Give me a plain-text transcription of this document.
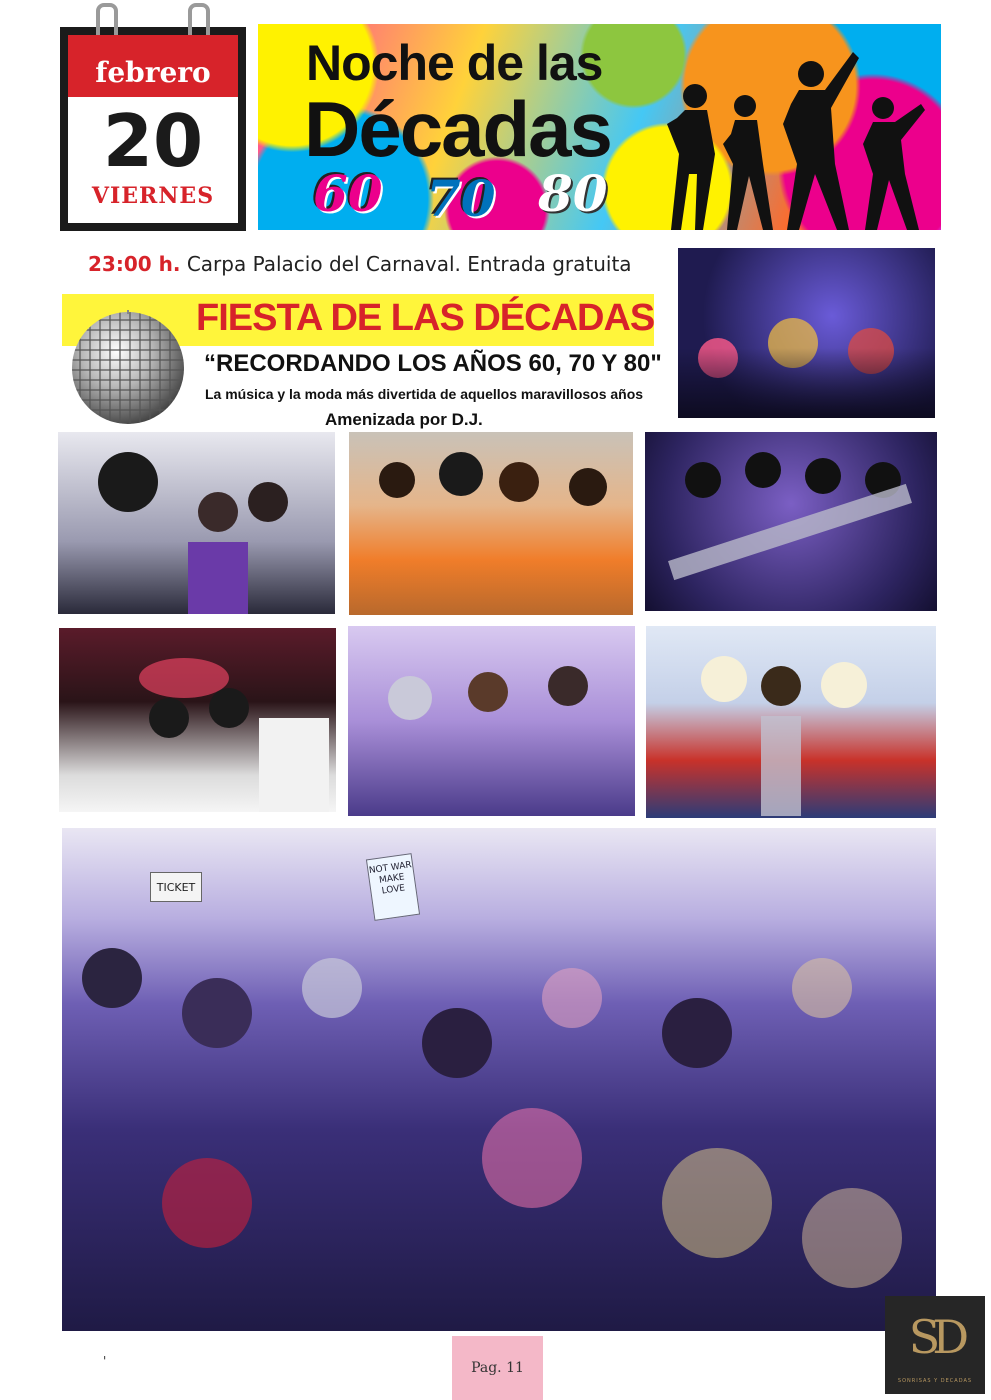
febrero
20
VIERNES
Noche de las
Décadas
60 70 80
23:00 h. Carpa Palacio del Carnaval. Entrada gratuita
FIESTA DE LAS DÉCADAS
“RECORDANDO LOS AÑOS 60, 70 Y 80"
La música y la moda más divertida de aquellos maravillosos años
Amenizada por D.J.
TICKET
NOT WAR MAKE LOVE
'	Pag. 11
SD
SONRISAS Y DECADAS
